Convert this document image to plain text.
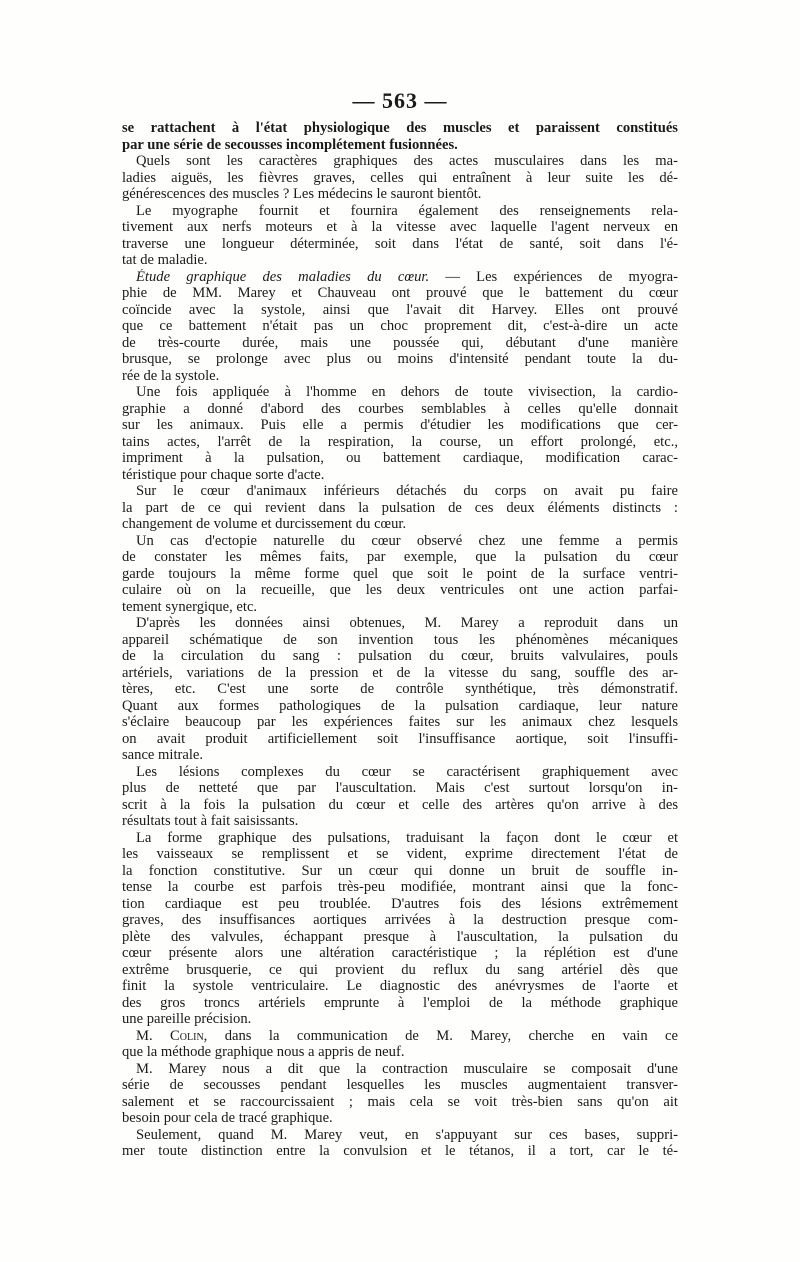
— 563 —
se rattachent à l'état physiologique des muscles et paraissent constitués
par une série de secousses incomplétement fusionnées.
Quels sont les caractères graphiques des actes musculaires dans les ma-
ladies aiguës, les fièvres graves, celles qui entraînent à leur suite les dé-
générescences des muscles ? Les médecins le sauront bientôt.
Le myographe fournit et fournira également des renseignements rela-
tivement aux nerfs moteurs et à la vitesse avec laquelle l'agent nerveux en
traverse une longueur déterminée, soit dans l'état de santé, soit dans l'é-
tat de maladie.
Étude graphique des maladies du cœur. — Les expériences de myogra-
phie de MM. Marey et Chauveau ont prouvé que le battement du cœur
coïncide avec la systole, ainsi que l'avait dit Harvey. Elles ont prouvé
que ce battement n'était pas un choc proprement dit, c'est-à-dire un acte
de très-courte durée, mais une poussée qui, débutant d'une manière
brusque, se prolonge avec plus ou moins d'intensité pendant toute la du-
rée de la systole.
Une fois appliquée à l'homme en dehors de toute vivisection, la cardio-
graphie a donné d'abord des courbes semblables à celles qu'elle donnait
sur les animaux. Puis elle a permis d'étudier les modifications que cer-
tains actes, l'arrêt de la respiration, la course, un effort prolongé, etc.,
impriment à la pulsation, ou battement cardiaque, modification carac-
téristique pour chaque sorte d'acte.
Sur le cœur d'animaux inférieurs détachés du corps on avait pu faire
la part de ce qui revient dans la pulsation de ces deux éléments distincts :
changement de volume et durcissement du cœur.
Un cas d'ectopie naturelle du cœur observé chez une femme a permis
de constater les mêmes faits, par exemple, que la pulsation du cœur
garde toujours la même forme quel que soit le point de la surface ventri-
culaire où on la recueille, que les deux ventricules ont une action parfai-
tement synergique, etc.
D'après les données ainsi obtenues, M. Marey a reproduit dans un
appareil schématique de son invention tous les phénomènes mécaniques
de la circulation du sang : pulsation du cœur, bruits valvulaires, pouls
artériels, variations de la pression et de la vitesse du sang, souffle des ar-
tères, etc. C'est une sorte de contrôle synthétique, très démonstratif.
Quant aux formes pathologiques de la pulsation cardiaque, leur nature
s'éclaire beaucoup par les expériences faites sur les animaux chez lesquels
on avait produit artificiellement soit l'insuffisance aortique, soit l'insuffi-
sance mitrale.
Les lésions complexes du cœur se caractérisent graphiquement avec
plus de netteté que par l'auscultation. Mais c'est surtout lorsqu'on in-
scrit à la fois la pulsation du cœur et celle des artères qu'on arrive à des
résultats tout à fait saisissants.
La forme graphique des pulsations, traduisant la façon dont le cœur et
les vaisseaux se remplissent et se vident, exprime directement l'état de
la fonction constitutive. Sur un cœur qui donne un bruit de souffle in-
tense la courbe est parfois très-peu modifiée, montrant ainsi que la fonc-
tion cardiaque est peu troublée. D'autres fois des lésions extrêmement
graves, des insuffisances aortiques arrivées à la destruction presque com-
plète des valvules, échappant presque à l'auscultation, la pulsation du
cœur présente alors une altération caractéristique ; la réplétion est d'une
extrême brusquerie, ce qui provient du reflux du sang artériel dès que
finit la systole ventriculaire. Le diagnostic des anévrysmes de l'aorte et
des gros troncs artériels emprunte à l'emploi de la méthode graphique
une pareille précision.
M. Colin, dans la communication de M. Marey, cherche en vain ce
que la méthode graphique nous a appris de neuf.
M. Marey nous a dit que la contraction musculaire se composait d'une
série de secousses pendant lesquelles les muscles augmentaient transver-
salement et se raccourcissaient ; mais cela se voit très-bien sans qu'on ait
besoin pour cela de tracé graphique.
Seulement, quand M. Marey veut, en s'appuyant sur ces bases, suppri-
mer toute distinction entre la convulsion et le tétanos, il a tort, car le té-
